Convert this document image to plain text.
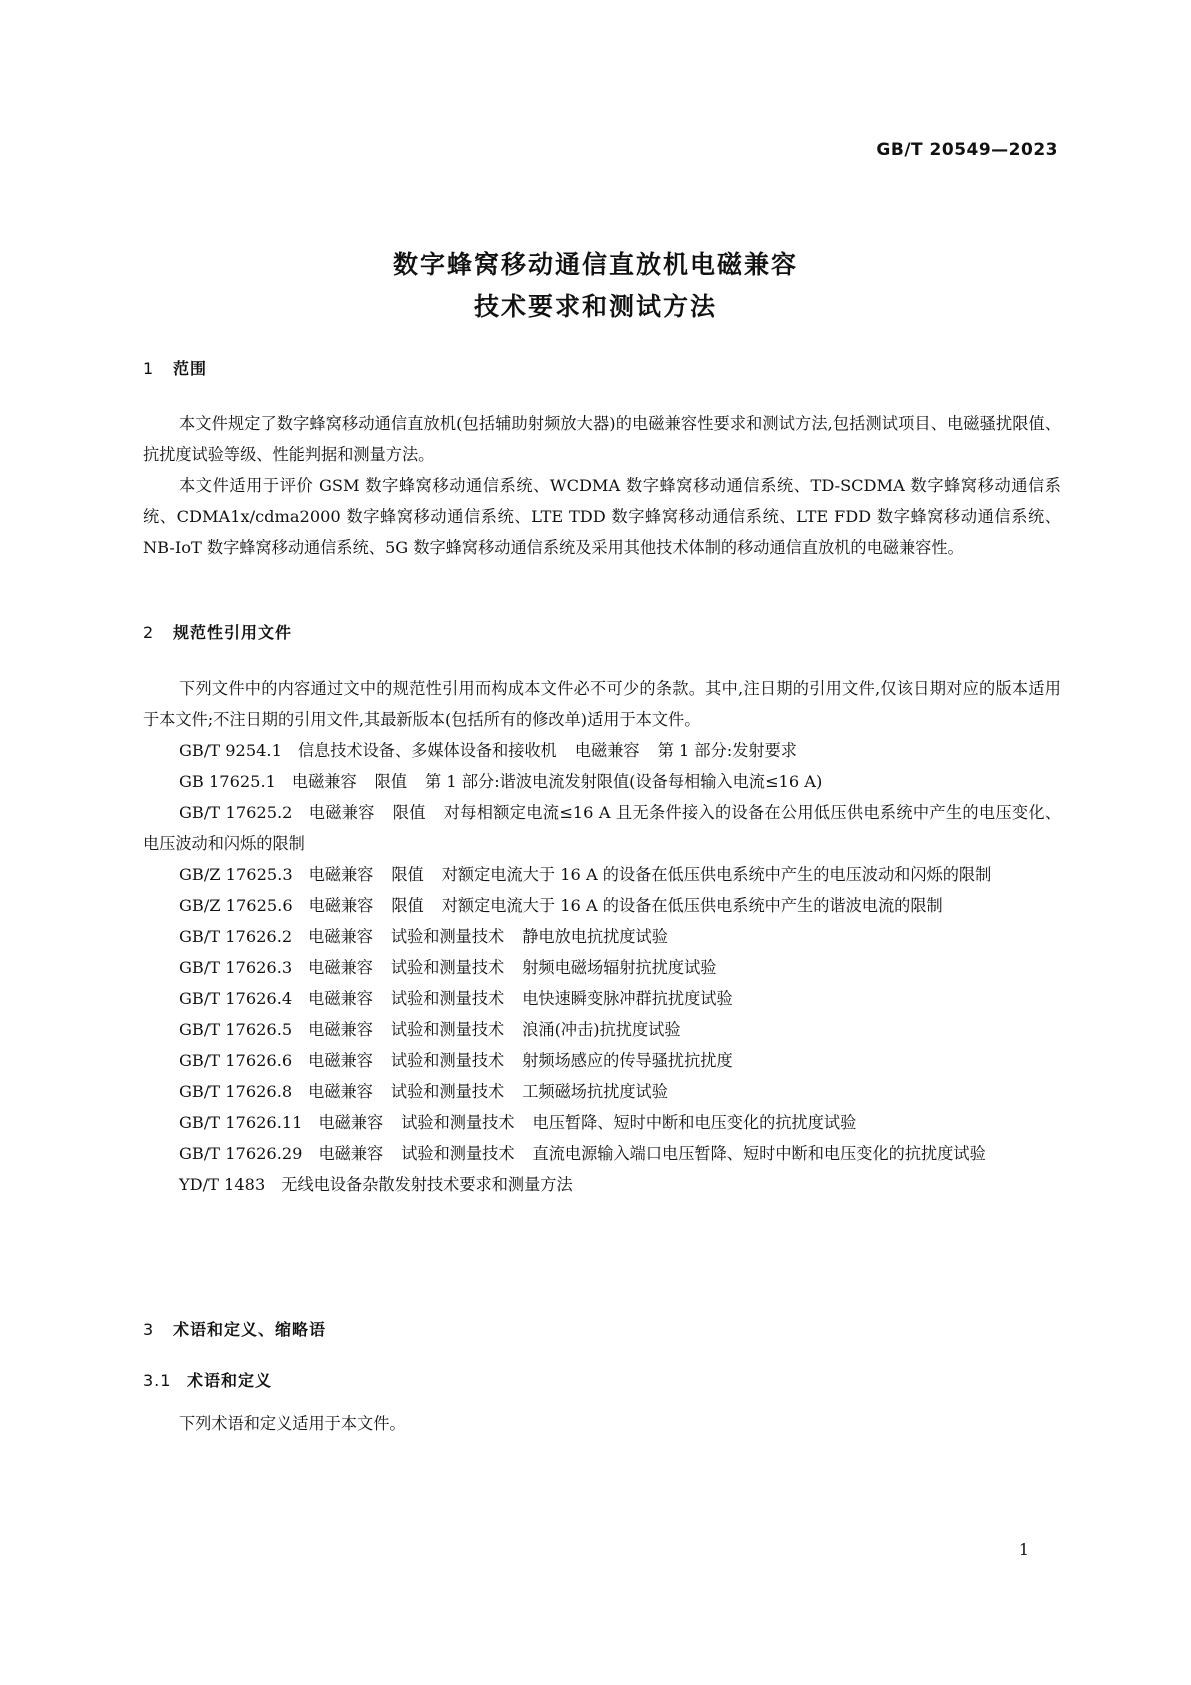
GB/T 20549—2023
数字蜂窝移动通信直放机电磁兼容
技术要求和测试方法
1 范围

本文件规定了数字蜂窝移动通信直放机(包括辅助射频放大器)的电磁兼容性要求和测试方法,包括测试项目、电磁骚扰限值、抗扰度试验等级、性能判据和测量方法。

本文件适用于评价 GSM 数字蜂窝移动通信系统、WCDMA 数字蜂窝移动通信系统、TD-SCDMA 数字蜂窝移动通信系统、CDMA1x/cdma2000 数字蜂窝移动通信系统、LTE TDD 数字蜂窝移动通信系统、LTE FDD 数字蜂窝移动通信系统、NB-IoT 数字蜂窝移动通信系统、5G 数字蜂窝移动通信系统及采用其他技术体制的移动通信直放机的电磁兼容性。

2 规范性引用文件

下列文件中的内容通过文中的规范性引用而构成本文件必不可少的条款。其中,注日期的引用文件,仅该日期对应的版本适用于本文件;不注日期的引用文件,其最新版本(包括所有的修改单)适用于本文件。

GB/T 9254.1 信息技术设备、多媒体设备和接收机 电磁兼容 第 1 部分:发射要求

GB 17625.1 电磁兼容 限值 第 1 部分:谐波电流发射限值(设备每相输入电流≤16 A)

GB/T 17625.2 电磁兼容 限值 对每相额定电流≤16 A 且无条件接入的设备在公用低压供电系统中产生的电压变化、电压波动和闪烁的限制

GB/Z 17625.3 电磁兼容 限值 对额定电流大于 16 A 的设备在低压供电系统中产生的电压波动和闪烁的限制

GB/Z 17625.6 电磁兼容 限值 对额定电流大于 16 A 的设备在低压供电系统中产生的谐波电流的限制

GB/T 17626.2 电磁兼容 试验和测量技术 静电放电抗扰度试验

GB/T 17626.3 电磁兼容 试验和测量技术 射频电磁场辐射抗扰度试验

GB/T 17626.4 电磁兼容 试验和测量技术 电快速瞬变脉冲群抗扰度试验

GB/T 17626.5 电磁兼容 试验和测量技术 浪涌(冲击)抗扰度试验

GB/T 17626.6 电磁兼容 试验和测量技术 射频场感应的传导骚扰抗扰度

GB/T 17626.8 电磁兼容 试验和测量技术 工频磁场抗扰度试验

GB/T 17626.11 电磁兼容 试验和测量技术 电压暂降、短时中断和电压变化的抗扰度试验

GB/T 17626.29 电磁兼容 试验和测量技术 直流电源输入端口电压暂降、短时中断和电压变化的抗扰度试验

YD/T 1483 无线电设备杂散发射技术要求和测量方法

3 术语和定义、缩略语
3.1 术语和定义

下列术语和定义适用于本文件。

1
